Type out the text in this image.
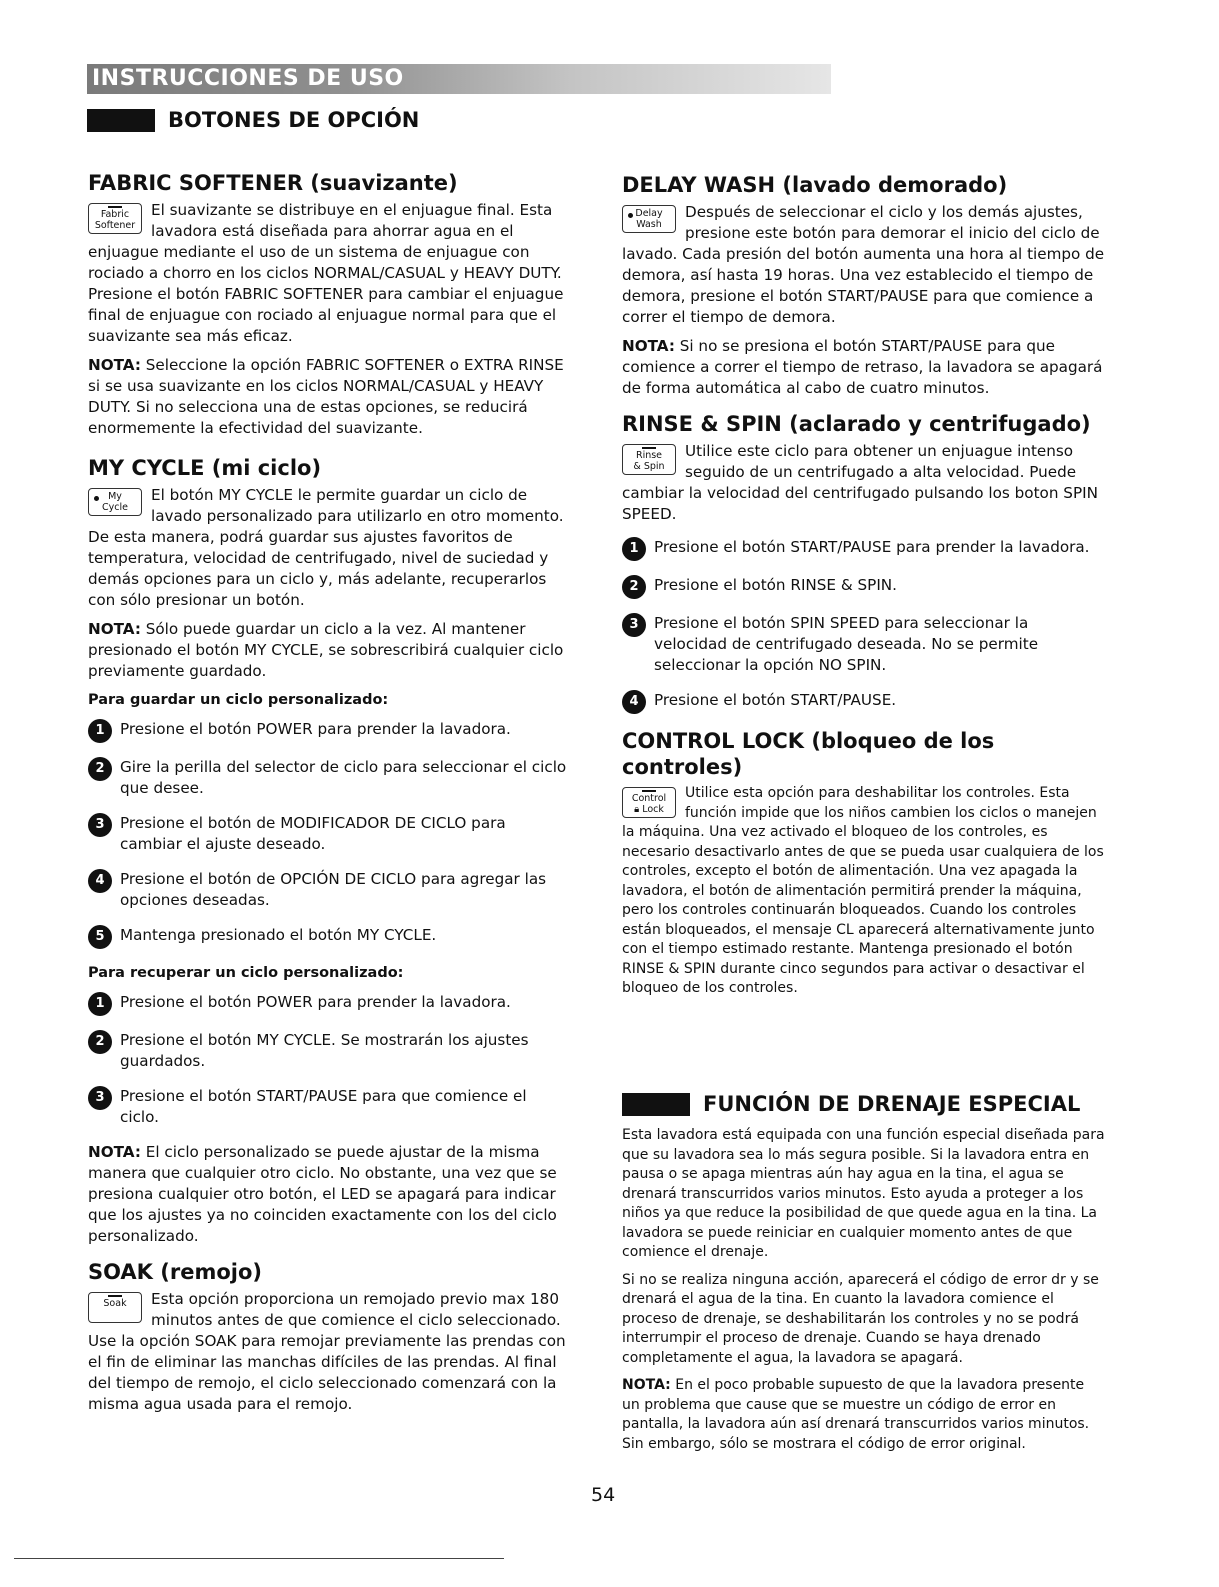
INSTRUCCIONES DE USO
BOTONES DE OPCIÓN
FABRIC SOFTENER (suavizante)

Fabric
Softener
El suavizante se distribuye en el enjuague final. Esta lavadora está diseñada para ahorrar agua en el enjuague mediante el uso de un sistema de enjuague con rociado a chorro en los ciclos NORMAL/CASUAL y HEAVY DUTY. Presione el botón FABRIC SOFTENER para cambiar el enjuague final de enjuague con rociado al enjuague normal para que el suavizante sea más eficaz.

NOTA: Seleccione la opción FABRIC SOFTENER o EXTRA RINSE si se usa suavizante en los ciclos NORMAL/CASUAL y HEAVY DUTY. Si no selecciona una de estas opciones, se reducirá enormemente la efectividad del suavizante.

MY CYCLE (mi ciclo)

My
Cycle
El botón MY CYCLE le permite guardar un ciclo de lavado personalizado para utilizarlo en otro momento. De esta manera, podrá guardar sus ajustes favoritos de temperatura, velocidad de centrifugado, nivel de suciedad y demás opciones para un ciclo y, más adelante, recuperarlos con sólo presionar un botón.

NOTA: Sólo puede guardar un ciclo a la vez. Al mantener presionado el botón MY CYCLE, se sobrescribirá cualquier ciclo previamente guardado.

Para guardar un ciclo personalizado:
1	Presione el botón POWER para prender la lavadora.
2	Gire la perilla del selector de ciclo para seleccionar el ciclo que desee.
3	Presione el botón de MODIFICADOR DE CICLO para cambiar el ajuste deseado.
4	Presione el botón de OPCIÓN DE CICLO para agregar las opciones deseadas.
5	Mantenga presionado el botón MY CYCLE.
Para recuperar un ciclo personalizado:
1	Presione el botón POWER para prender la lavadora.
2	Presione el botón MY CYCLE. Se mostrarán los ajustes guardados.
3	Presione el botón START/PAUSE para que comience el ciclo.

NOTA: El ciclo personalizado se puede ajustar de la misma manera que cualquier otro ciclo. No obstante, una vez que se presiona cualquier otro botón, el LED se apagará para indicar que los ajustes ya no coinciden exactamente con los del ciclo personalizado.

SOAK (remojo)

Soak
	Esta opción proporciona un remojado previo max 180 minutos antes de que comience el ciclo seleccionado. Use la opción SOAK para remojar previamente las prendas con el fin de eliminar las manchas difíciles de las prendas. Al final del tiempo de remojo, el ciclo seleccionado comenzará con la misma agua usada para el remojo.

DELAY WASH (lavado demorado)

Delay
Wash
Después de seleccionar el ciclo y los demás ajustes, presione este botón para demorar el inicio del ciclo de lavado. Cada presión del botón aumenta una hora al tiempo de demora, así hasta 19 horas. Una vez establecido el tiempo de demora, presione el botón START/PAUSE para que comience a correr el tiempo de demora.

NOTA: Si no se presiona el botón START/PAUSE para que comience a correr el tiempo de retraso, la lavadora se apagará de forma automática al cabo de cuatro minutos.

RINSE & SPIN (aclarado y centrifugado)

Rinse
& Spin
Utilice este ciclo para obtener un enjuague intenso seguido de un centrifugado a alta velocidad. Puede cambiar la velocidad del centrifugado pulsando los boton SPIN SPEED.

1	Presione el botón START/PAUSE para prender la lavadora.
2	Presione el botón RINSE & SPIN.
3	Presione el botón SPIN SPEED para seleccionar la velocidad de centrifugado deseada. No se permite seleccionar la opción NO SPIN.
4	Presione el botón START/PAUSE.
CONTROL LOCK (bloqueo de los controles)

Control
🔒︎ Lock
Utilice esta opción para deshabilitar los controles. Esta función impide que los niños cambien los ciclos o manejen la máquina. Una vez activado el bloqueo de los controles, es necesario desactivarlo antes de que se pueda usar cualquiera de los controles, excepto el botón de alimentación. Una vez apagada la lavadora, el botón de alimentación permitirá prender la máquina, pero los controles continuarán bloqueados. Cuando los controles están bloqueados, el mensaje CL aparecerá alternativamente junto con el tiempo estimado restante. Mantenga presionado el botón RINSE & SPIN durante cinco segundos para activar o desactivar el bloqueo de los controles.

FUNCIÓN DE DRENAJE ESPECIAL

Esta lavadora está equipada con una función especial diseñada para que su lavadora sea lo más segura posible. Si la lavadora entra en pausa o se apaga mientras aún hay agua en la tina, el agua se drenará transcurridos varios minutos. Esto ayuda a proteger a los niños ya que reduce la posibilidad de que quede agua en la tina. La lavadora se puede reiniciar en cualquier momento antes de que comience el drenaje.

Si no se realiza ninguna acción, aparecerá el código de error dr y se drenará el agua de la tina. En cuanto la lavadora comience el proceso de drenaje, se deshabilitarán los controles y no se podrá interrumpir el proceso de drenaje. Cuando se haya drenado completamente el agua, la lavadora se apagará.

NOTA: En el poco probable supuesto de que la lavadora presente un problema que cause que se muestre un código de error en pantalla, la lavadora aún así drenará transcurridos varios minutos. Sin embargo, sólo se mostrara el código de error original.

54
